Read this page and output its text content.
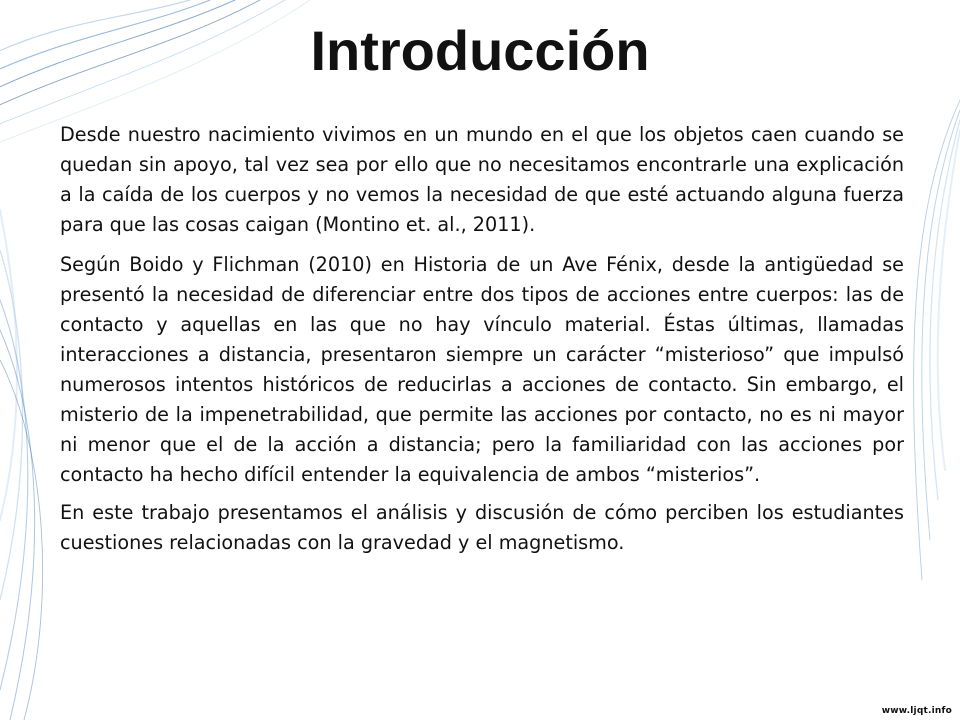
Introducción

Desde nuestro nacimiento vivimos en un mundo en el que los objetos caen cuando se quedan sin apoyo, tal vez sea por ello que no necesitamos encontrarle una explicación a la caída de los cuerpos y no vemos la necesidad de que esté actuando alguna fuerza para que las cosas caigan (Montino et. al., 2011).

Según Boido y Flichman (2010) en Historia de un Ave Fénix, desde la antigüedad se presentó la necesidad de diferenciar entre dos tipos de acciones entre cuerpos: las de contacto y aquellas en las que no hay vínculo material. Éstas últimas, llamadas interacciones a distancia, presentaron siempre un carácter “misterioso” que impulsó numerosos intentos históricos de reducirlas a acciones de contacto. Sin embargo, el misterio de la impenetrabilidad, que permite las acciones por contacto, no es ni mayor ni menor que el de la acción a distancia; pero la familiaridad con las acciones por contacto ha hecho difícil entender la equivalencia de ambos “misterios”.

En este trabajo presentamos el análisis y discusión de cómo perciben los estudiantes cuestiones relacionadas con la gravedad y el magnetismo.

www.ljqt.info
